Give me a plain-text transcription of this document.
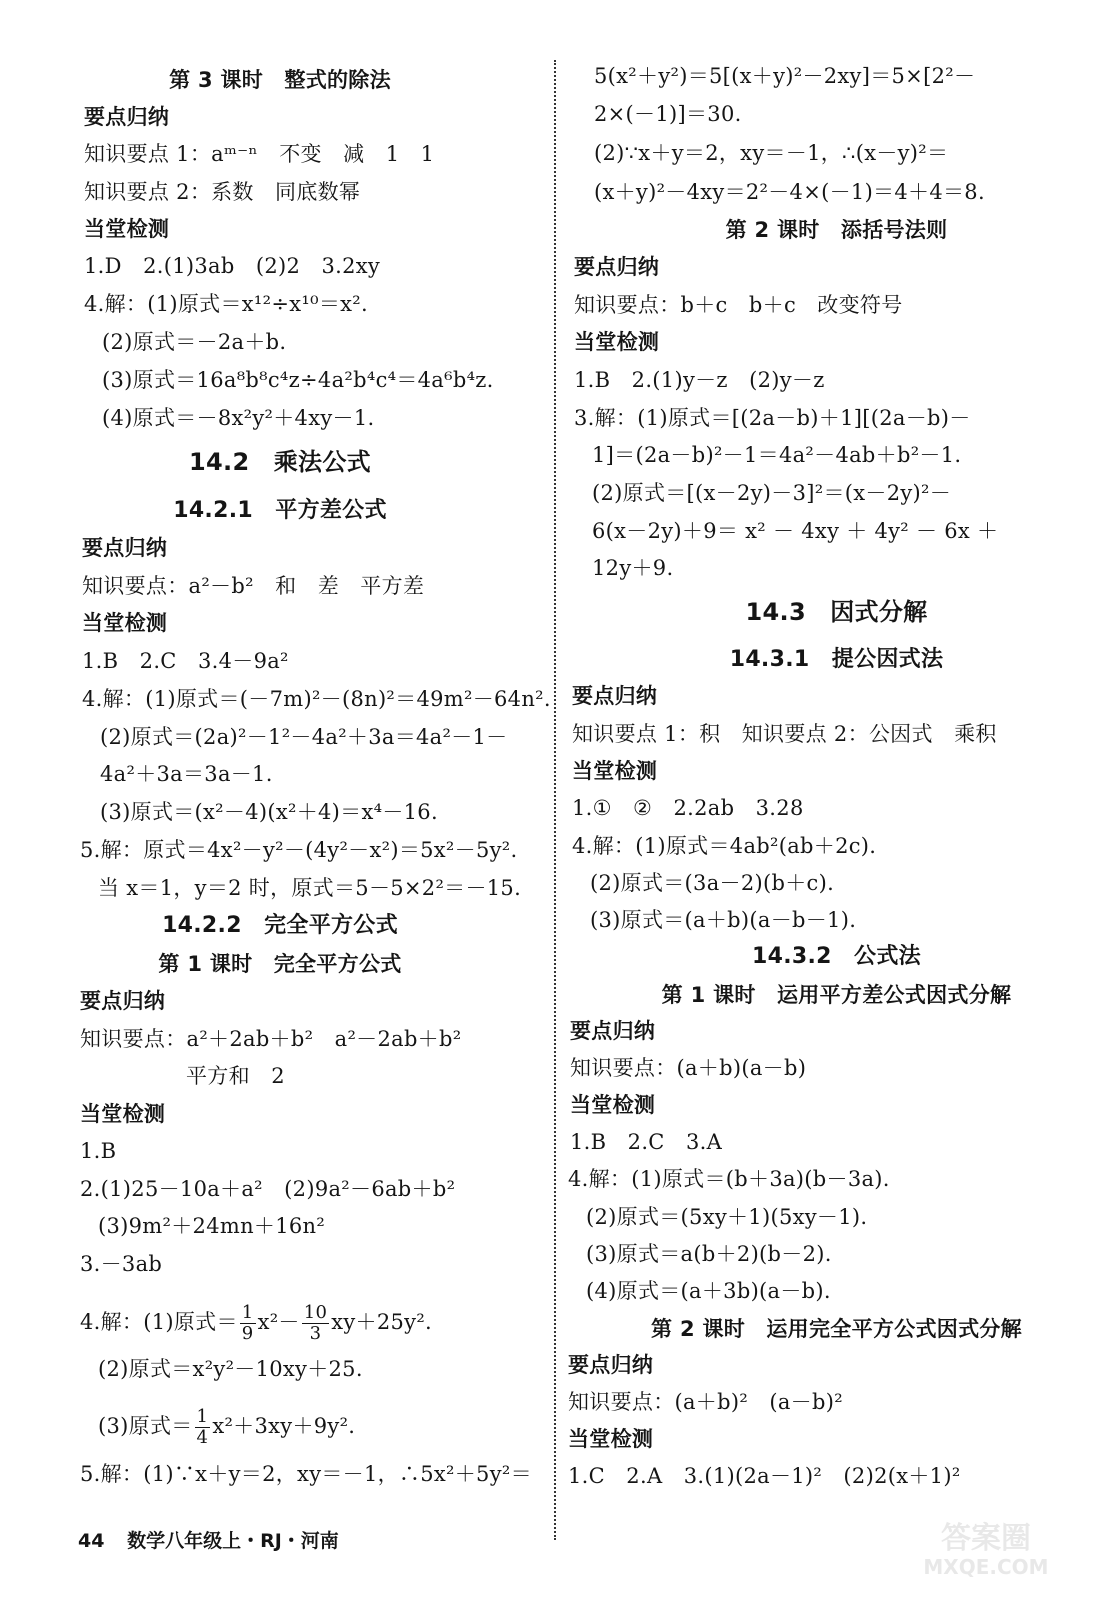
第 3 课时　整式的除法
要点归纳
知识要点 1：aᵐ⁻ⁿ　不变　减　1　1
知识要点 2：系数　同底数幂
当堂检测
1.D　2.(1)3ab　(2)2　3.2xy
4.解：(1)原式＝x¹²÷x¹⁰＝x².
(2)原式＝－2a＋b.
(3)原式＝16a⁸b⁸c⁴z÷4a²b⁴c⁴＝4a⁶b⁴z.
(4)原式＝－8x²y²＋4xy－1.
14.2　乘法公式
14.2.1　平方差公式
要点归纳
知识要点：a²－b²　和　差　平方差
当堂检测
1.B　2.C　3.4－9a²
4.解：(1)原式＝(－7m)²－(8n)²＝49m²－64n².
(2)原式＝(2a)²－1²－4a²＋3a＝4a²－1－
4a²＋3a＝3a－1.
(3)原式＝(x²－4)(x²＋4)＝x⁴－16.
5.解：原式＝4x²－y²－(4y²－x²)＝5x²－5y².
当 x＝1，y＝2 时，原式＝5－5×2²＝－15.
14.2.2　完全平方公式
第 1 课时　完全平方公式
要点归纳
知识要点：a²＋2ab＋b²　a²－2ab＋b²
平方和　2
当堂检测
1.B
2.(1)25－10a＋a²　(2)9a²－6ab＋b²
(3)9m²＋24mn＋16n²
3.－3ab
4.解：(1)原式＝ $\frac{1}{9} x^2- \frac{10}{3} xy+25y^2$.
(2)原式＝x²y²－10xy＋25.
(3)原式＝ $\frac{1}{4} x^2+3xy+9y^2$.
5.解：(1)∵x＋y＝2，xy＝－1，∴5x²＋5y²＝
5(x²＋y²)＝5[(x＋y)²－2xy]＝5×[2²－
2×(－1)]＝30.
(2)∵x＋y＝2，xy＝－1，∴(x－y)²＝
(x＋y)²－4xy＝2²－4×(－1)＝4＋4＝8.
第 2 课时　添括号法则
要点归纳
知识要点：b＋c　b＋c　改变符号
当堂检测
1.B　2.(1)y－z　(2)y－z
3.解：(1)原式＝[(2a－b)＋1][(2a－b)－
1]＝(2a－b)²－1＝4a²－4ab＋b²－1.
(2)原式＝[(x－2y)－3]²＝(x－2y)²－
6(x－2y)＋9＝ x² － 4xy ＋ 4y² － 6x ＋
12y＋9.
14.3　因式分解
14.3.1　提公因式法
要点归纳
知识要点 1：积　知识要点 2：公因式　乘积
当堂检测
1.①　②　2.2ab　3.28
4.解：(1)原式＝4ab²(ab＋2c).
(2)原式＝(3a－2)(b＋c).
(3)原式＝(a＋b)(a－b－1).
14.3.2　公式法
第 1 课时　运用平方差公式因式分解
要点归纳
知识要点：(a＋b)(a－b)
当堂检测
1.B　2.C　3.A
4.解：(1)原式＝(b＋3a)(b－3a).
(2)原式＝(5xy＋1)(5xy－1).
(3)原式＝a(b＋2)(b－2).
(4)原式＝(a＋3b)(a－b).
第 2 课时　运用完全平方公式因式分解
要点归纳
知识要点：(a＋b)²　(a－b)²
当堂检测
1.C　2.A　3.(1)(2a－1)²　(2)2(x＋1)²
44 数学八年级上・RJ・河南	答案圈
MXQE.COM
